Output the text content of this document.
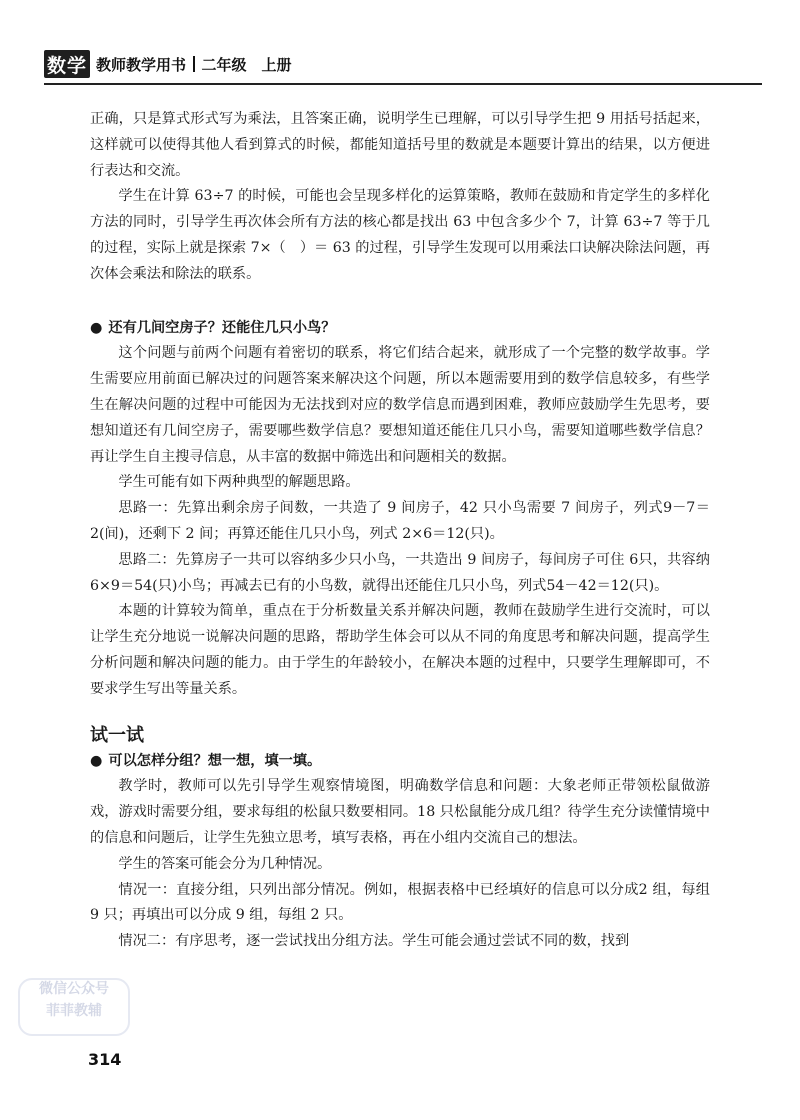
数学 教师教学用书 二年级　上册

正确，只是算式形式写为乘法，且答案正确，说明学生已理解，可以引导学生把 9 用括号括起来，这样就可以使得其他人看到算式的时候，都能知道括号里的数就是本题要计算出的结果，以方便进行表达和交流。

学生在计算 63÷7 的时候，可能也会呈现多样化的运算策略，教师在鼓励和肯定学生的多样化方法的同时，引导学生再次体会所有方法的核心都是找出 63 中包含多少个 7，计算 63÷7 等于几的过程，实际上就是探索 7×（　）＝ 63 的过程，引导学生发现可以用乘法口诀解决除法问题，再次体会乘法和除法的联系。

● 还有几间空房子？还能住几只小鸟？

这个问题与前两个问题有着密切的联系，将它们结合起来，就形成了一个完整的数学故事。学生需要应用前面已解决过的问题答案来解决这个问题，所以本题需要用到的数学信息较多，有些学生在解决问题的过程中可能因为无法找到对应的数学信息而遇到困难，教师应鼓励学生先思考，要想知道还有几间空房子，需要哪些数学信息？要想知道还能住几只小鸟，需要知道哪些数学信息？再让学生自主搜寻信息，从丰富的数据中筛选出和问题相关的数据。

学生可能有如下两种典型的解题思路。

思路一：先算出剩余房子间数，一共造了 9 间房子，42 只小鸟需要 7 间房子，列式9－7＝2(间)，还剩下 2 间；再算还能住几只小鸟，列式 2×6＝12(只)。

思路二：先算房子一共可以容纳多少只小鸟，一共造出 9 间房子，每间房子可住 6只，共容纳 6×9＝54(只)小鸟；再减去已有的小鸟数，就得出还能住几只小鸟，列式54－42＝12(只)。

本题的计算较为简单，重点在于分析数量关系并解决问题，教师在鼓励学生进行交流时，可以让学生充分地说一说解决问题的思路，帮助学生体会可以从不同的角度思考和解决问题，提高学生分析问题和解决问题的能力。由于学生的年龄较小，在解决本题的过程中，只要学生理解即可，不要求学生写出等量关系。

试一试
● 可以怎样分组？想一想，填一填。

教学时，教师可以先引导学生观察情境图，明确数学信息和问题：大象老师正带领松鼠做游戏，游戏时需要分组，要求每组的松鼠只数要相同。18 只松鼠能分成几组？待学生充分读懂情境中的信息和问题后，让学生先独立思考，填写表格，再在小组内交流自己的想法。

学生的答案可能会分为几种情况。

情况一：直接分组，只列出部分情况。例如，根据表格中已经填好的信息可以分成2 组，每组 9 只；再填出可以分成 9 组，每组 2 只。

情况二：有序思考，逐一尝试找出分组方法。学生可能会通过尝试不同的数，找到

微信公众号
菲菲教辅
314
